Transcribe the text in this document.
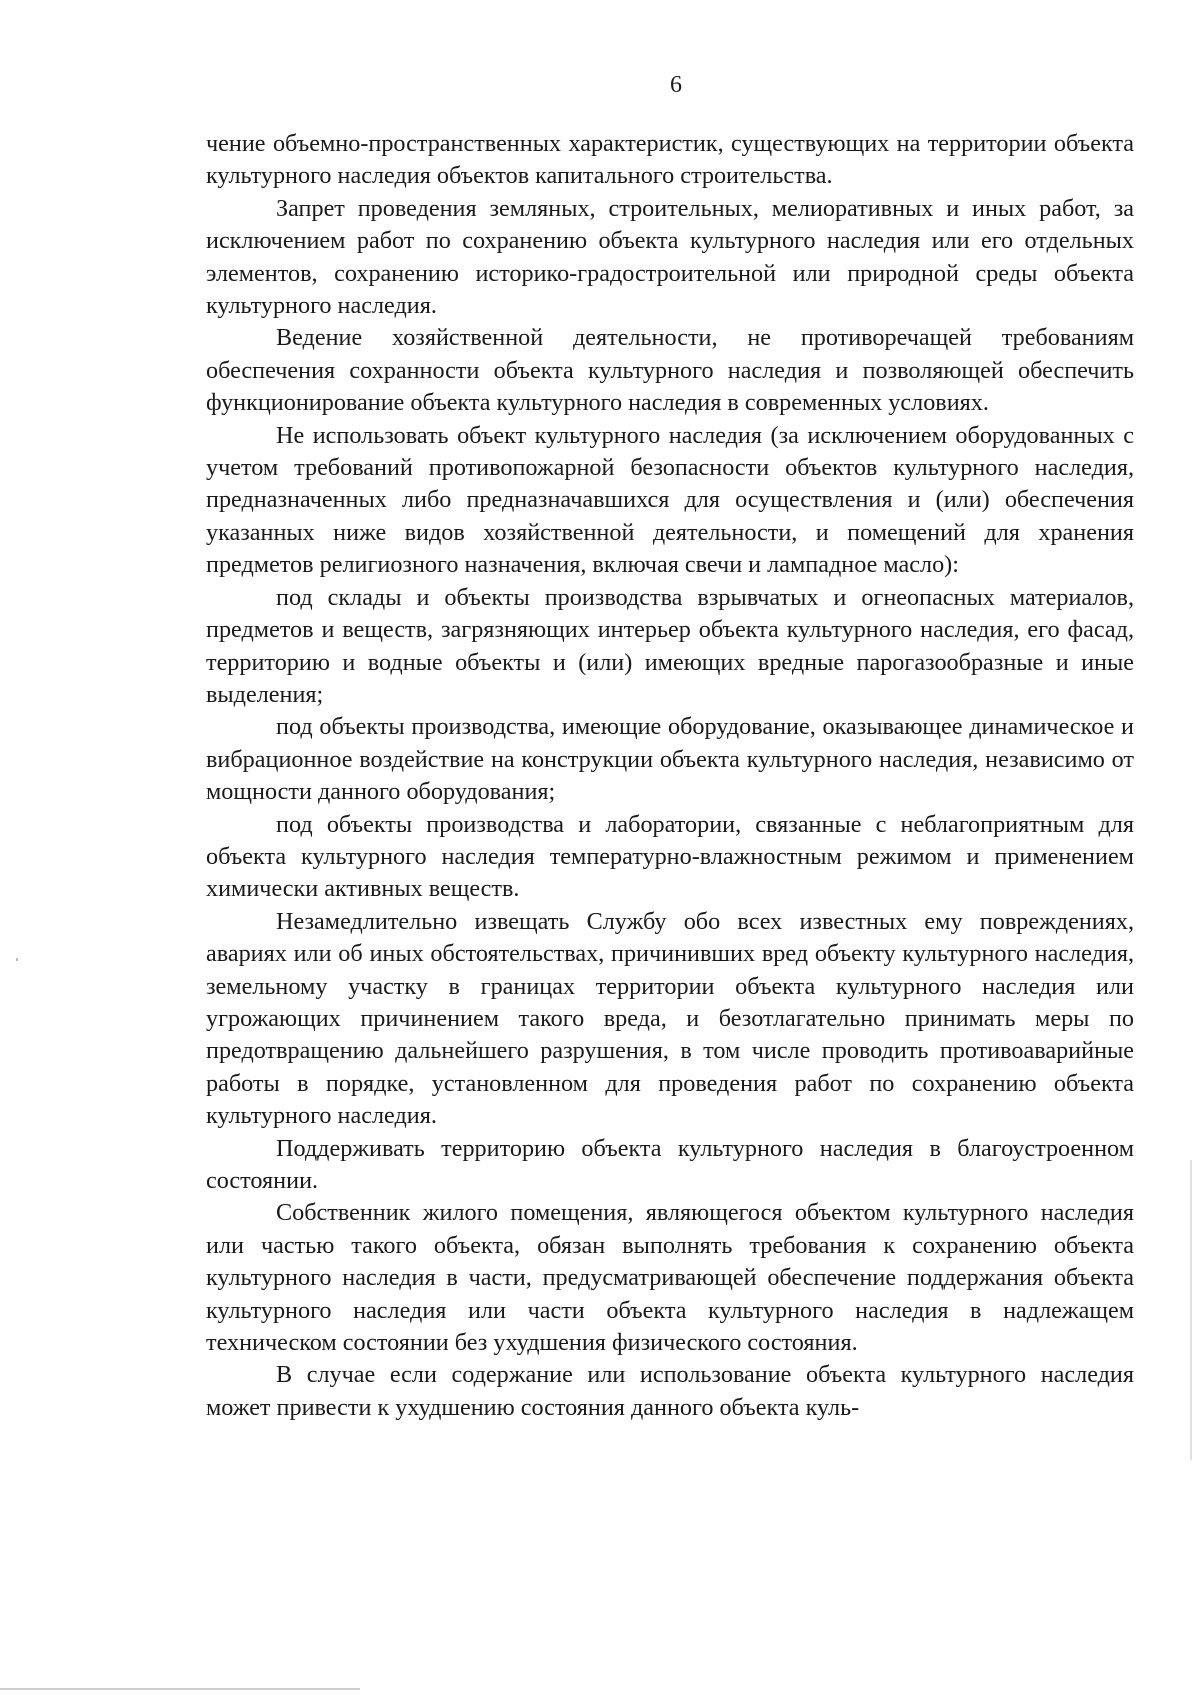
6

чение объемно-пространственных характеристик, существующих на территории объекта культурного наследия объектов капитального строительства.

Запрет проведения земляных, строительных, мелиоративных и иных работ, за исключением работ по сохранению объекта культурного наследия или его отдельных элементов, сохранению историко-градостроительной или природной среды объекта культурного наследия.

Ведение хозяйственной деятельности, не противоречащей требованиям обеспечения сохранности объекта культурного наследия и позволяющей обеспечить функционирование объекта культурного наследия в современных условиях.

Не использовать объект культурного наследия (за исключением оборудованных с учетом требований противопожарной безопасности объектов культурного наследия, предназначенных либо предназначавшихся для осуществления и (или) обеспечения указанных ниже видов хозяйственной деятельности, и помещений для хранения предметов религиозного назначения, включая свечи и лампадное масло):

под склады и объекты производства взрывчатых и огнеопасных материалов, предметов и веществ, загрязняющих интерьер объекта культурного наследия, его фасад, территорию и водные объекты и (или) имеющих вредные парогазообразные и иные выделения;

под объекты производства, имеющие оборудование, оказывающее динамическое и вибрационное воздействие на конструкции объекта культурного наследия, независимо от мощности данного оборудования;

под объекты производства и лаборатории, связанные с неблагоприятным для объекта культурного наследия температурно-влажностным режимом и применением химически активных веществ.

Незамедлительно извещать Службу обо всех известных ему повреждениях, авариях или об иных обстоятельствах, причинивших вред объекту культурного наследия, земельному участку в границах территории объекта культурного наследия или угрожающих причинением такого вреда, и безотлагательно принимать меры по предотвращению дальнейшего разрушения, в том числе проводить противоаварийные работы в порядке, установленном для проведения работ по сохранению объекта культурного наследия.

Поддерживать территорию объекта культурного наследия в благоустроенном состоянии.

Собственник жилого помещения, являющегося объектом культурного наследия или частью такого объекта, обязан выполнять требования к сохранению объекта культурного наследия в части, предусматривающей обеспечение поддержания объекта культурного наследия или части объекта культурного наследия в надлежащем техническом состоянии без ухудшения физического состояния.

В случае если содержание или использование объекта культурного наследия может привести к ухудшению состояния данного объекта куль-
